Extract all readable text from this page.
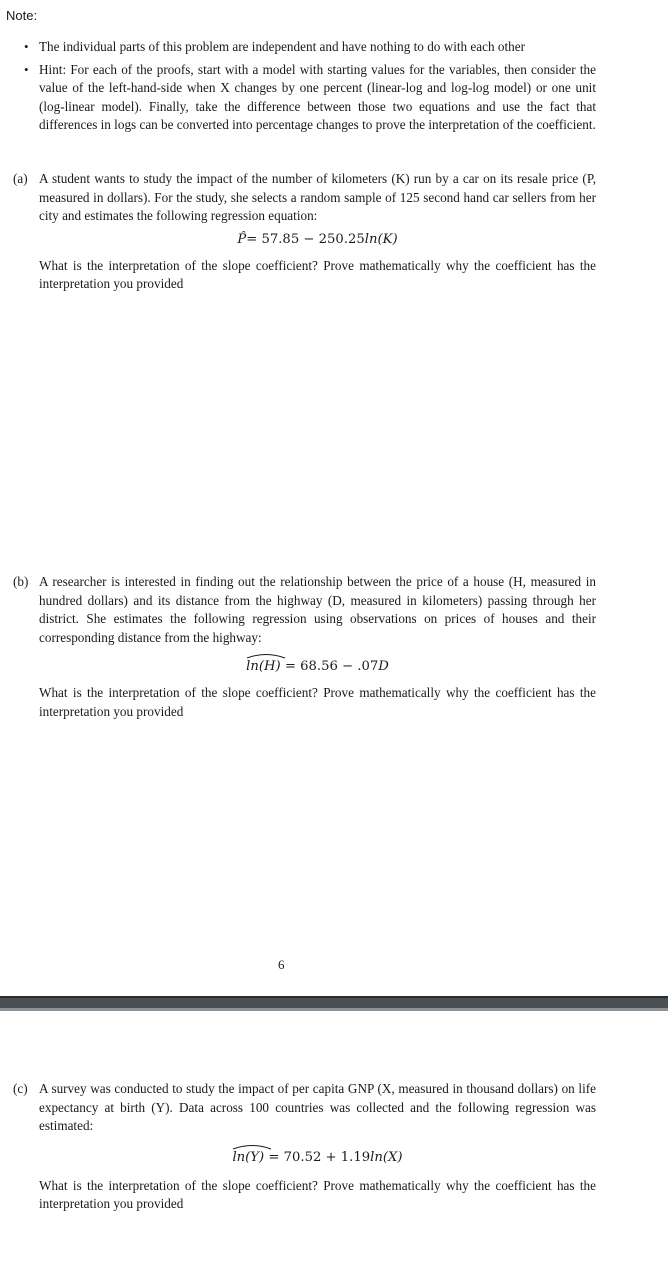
Note:
• The individual parts of this problem are independent and have nothing to do with each other
• Hint: For each of the proofs, start with a model with starting values for the variables, then consider the value of the left-hand-side when X changes by one percent (linear-log and log-log model) or one unit (log-linear model). Finally, take the difference between those two equations and use the fact that differences in logs can be converted into percentage changes to prove the interpretation of the coefficient.
(a) A student wants to study the impact of the number of kilometers (K) run by a car on its resale price (P, measured in dollars). For the study, she selects a random sample of 125 second hand car sellers from her city and estimates the following regression equation:
P̂= 57.85 − 250.25ln(K)
What is the interpretation of the slope coefficient? Prove mathematically why the coefficient has the interpretation you provided
(b) A researcher is interested in finding out the relationship between the price of a house (H, measured in hundred dollars) and its distance from the highway (D, measured in kilometers) passing through her district. She estimates the following regression using observations on prices of houses and their corresponding distance from the highway:
ln(H) = 68.56 − .07D
What is the interpretation of the slope coefficient? Prove mathematically why the coefficient has the interpretation you provided
6
(c) A survey was conducted to study the impact of per capita GNP (X, measured in thousand dollars) on life expectancy at birth (Y). Data across 100 countries was collected and the following regression was estimated:
ln(Y) = 70.52 + 1.19ln(X)
What is the interpretation of the slope coefficient? Prove mathematically why the coefficient has the interpretation you provided
